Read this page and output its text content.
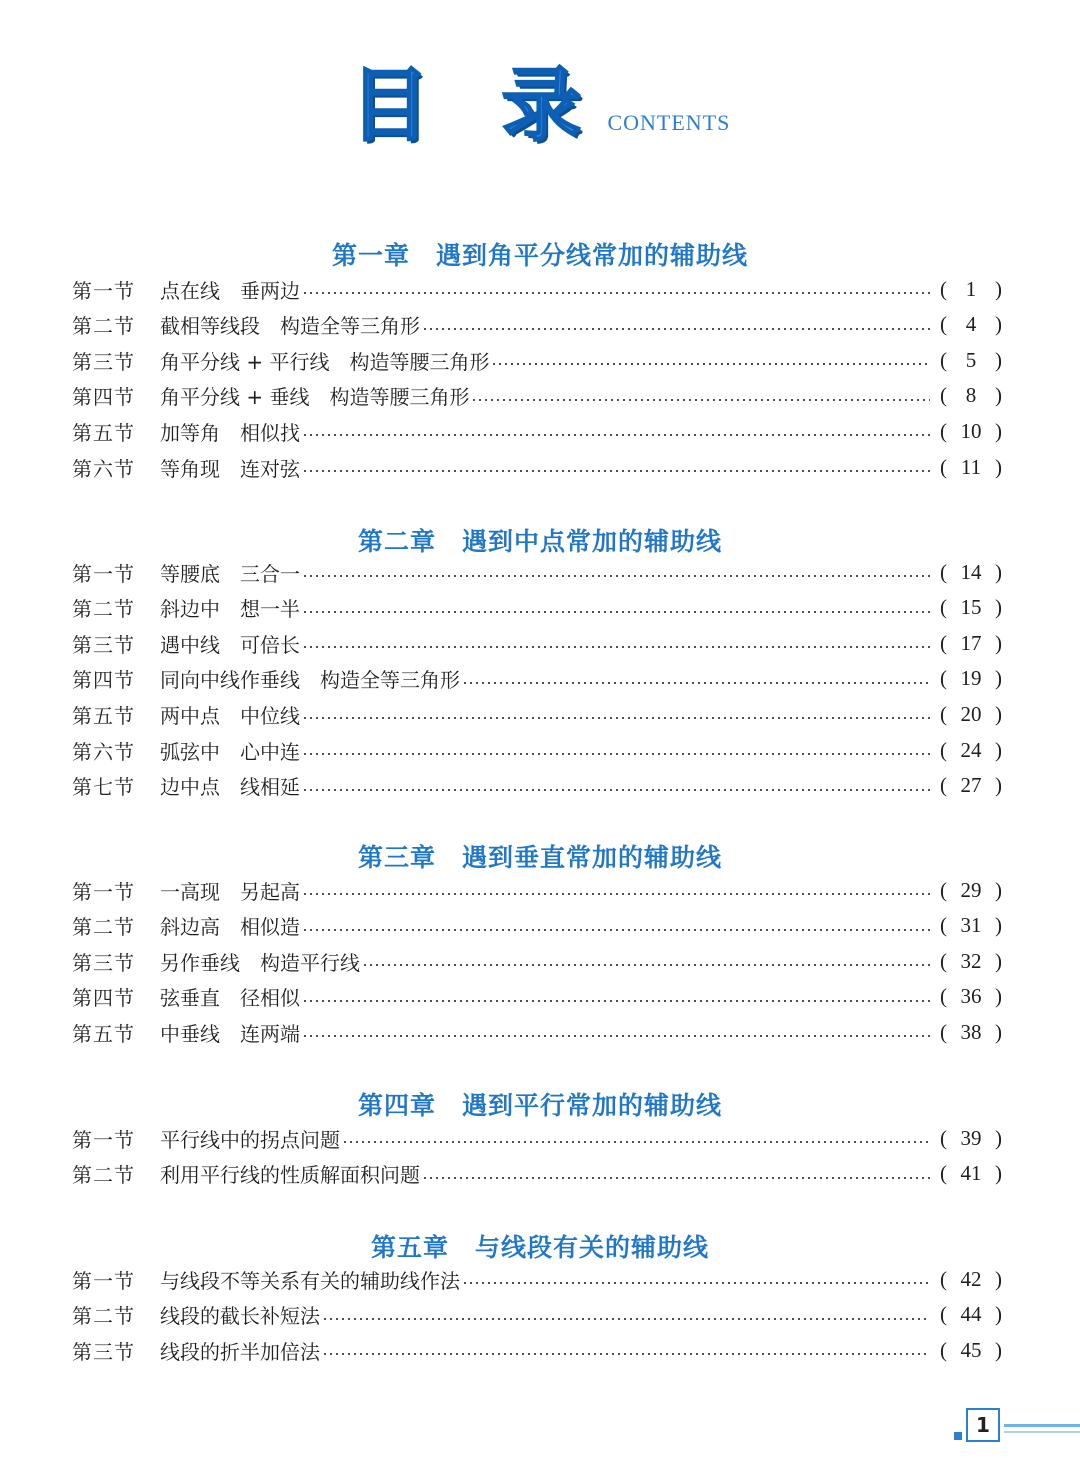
目 录 CONTENTS
第一章　遇到角平分线常加的辅助线
第一节	点在线　垂两边	( 1 )
第二节	截相等线段　构造全等三角形	( 4 )
第三节	角平分线 + 平行线　构造等腰三角形	( 5 )
第四节	角平分线 + 垂线　构造等腰三角形	( 8 )
第五节	加等角　相似找	( 10 )
第六节	等角现　连对弦	( 11 )
第二章　遇到中点常加的辅助线
第一节	等腰底　三合一	( 14 )
第二节	斜边中　想一半	( 15 )
第三节	遇中线　可倍长	( 17 )
第四节	同向中线作垂线　构造全等三角形	( 19 )
第五节	两中点　中位线	( 20 )
第六节	弧弦中　心中连	( 24 )
第七节	边中点　线相延	( 27 )
第三章　遇到垂直常加的辅助线
第一节	一高现　另起高	( 29 )
第二节	斜边高　相似造	( 31 )
第三节	另作垂线　构造平行线	( 32 )
第四节	弦垂直　径相似	( 36 )
第五节	中垂线　连两端	( 38 )
第四章　遇到平行常加的辅助线
第一节	平行线中的拐点问题	( 39 )
第二节	利用平行线的性质解面积问题	( 41 )
第五章　与线段有关的辅助线
第一节	与线段不等关系有关的辅助线作法	( 42 )
第二节	线段的截长补短法	( 44 )
第三节	线段的折半加倍法	( 45 )
1
